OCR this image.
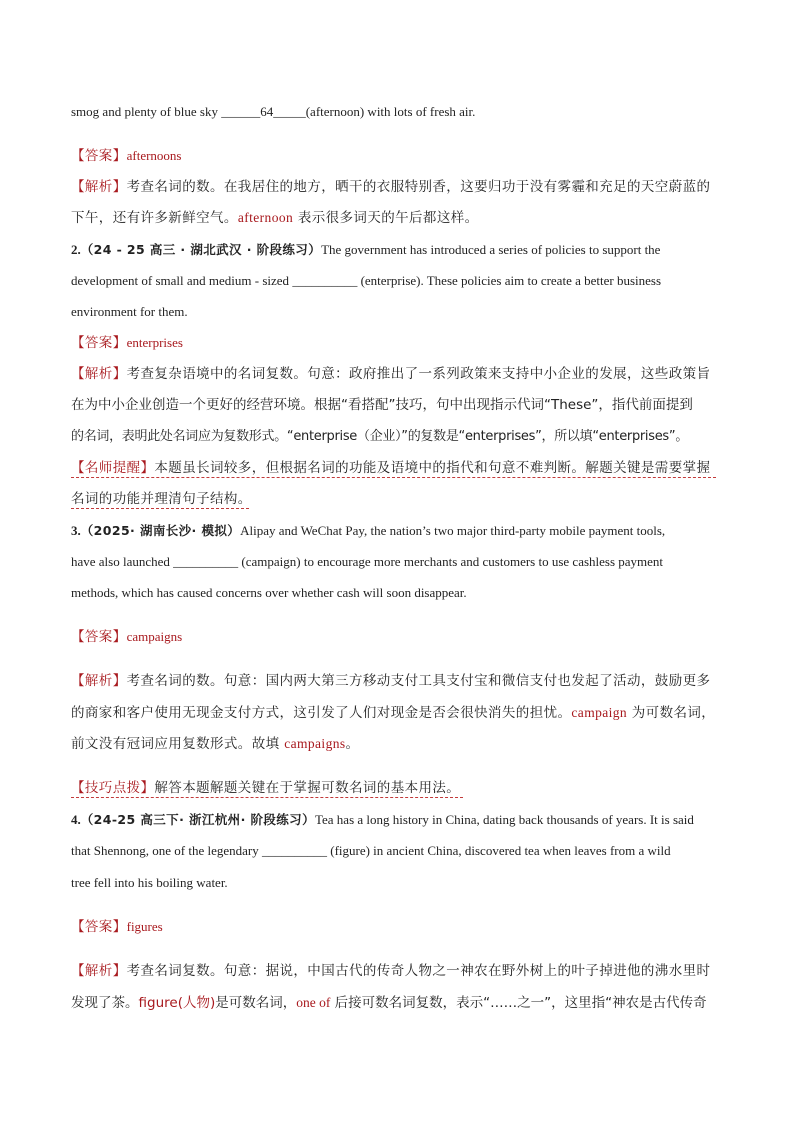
smog and plenty of blue sky ______64_____(afternoon) with lots of fresh air.
【答案】afternoons
【解析】考查名词的数。在我居住的地方，晒干的衣服特别香，这要归功于没有雾霾和充足的天空蔚蓝的
下午，还有许多新鲜空气。afternoon 表示很多词天的午后都这样。
2.（24 - 25 高三 · 湖北武汉 · 阶段练习）The government has introduced a series of policies to support the
development of small and medium - sized __________ (enterprise). These policies aim to create a better business
environment for them.
【答案】enterprises
【解析】考查复杂语境中的名词复数。句意：政府推出了一系列政策来支持中小企业的发展，这些政策旨
在为中小企业创造一个更好的经营环境。根据“看搭配”技巧，句中出现指示代词“These”，指代前面提到
的名词，表明此处名词应为复数形式。“enterprise（企业）”的复数是“enterprises”，所以填“enterprises”。
【名师提醒】本题虽长词较多，但根据名词的功能及语境中的指代和句意不难判断。解题关键是需要掌握
名词的功能并理清句子结构。
3.（2025· 湖南长沙· 模拟）Alipay and WeChat Pay, the nation’s two major third-party mobile payment tools,
have also launched __________ (campaign) to encourage more merchants and customers to use cashless payment
methods, which has caused concerns over whether cash will soon disappear.
【答案】campaigns
【解析】考查名词的数。句意：国内两大第三方移动支付工具支付宝和微信支付也发起了活动，鼓励更多
的商家和客户使用无现金支付方式，这引发了人们对现金是否会很快消失的担忧。campaign 为可数名词，
前文没有冠词应用复数形式。故填 campaigns。
【技巧点拨】解答本题解题关键在于掌握可数名词的基本用法。
4.（24-25 高三下· 浙江杭州· 阶段练习）Tea has a long history in China, dating back thousands of years. It is said
that Shennong, one of the legendary __________ (figure) in ancient China, discovered tea when leaves from a wild
tree fell into his boiling water.
【答案】figures
【解析】考查名词复数。句意：据说，中国古代的传奇人物之一神农在野外树上的叶子掉进他的沸水里时
发现了茶。figure(人物)是可数名词，one of 后接可数名词复数，表示“……之一”，这里指“神农是古代传奇
